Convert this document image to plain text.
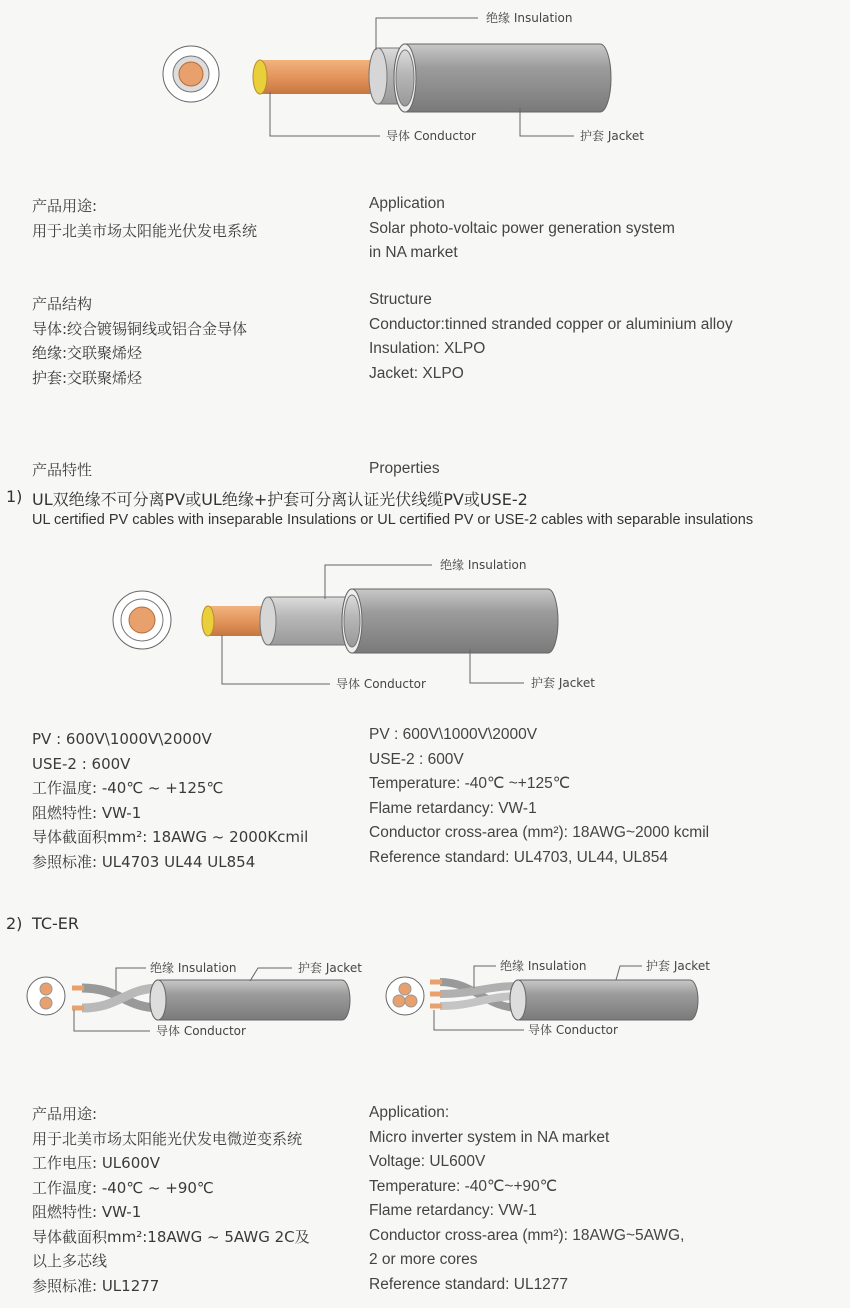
绝缘 Insulation
导体 Conductor	护套 Jacket
产品用途:
用于北美市场太阳能光伏发电系统
Application
Solar photo-voltaic power generation system
in NA market
产品结构
导体:绞合镀锡铜线或铝合金导体
绝缘:交联聚烯烃
护套:交联聚烯烃
Structure
Conductor:tinned stranded copper or aluminium alloy
Insulation: XLPO
Jacket: XLPO
产品特性	Properties
1) UL双绝缘不可分离PV或UL绝缘+护套可分离认证光伏线缆PV或USE-2
UL certified PV cables with inseparable Insulations or UL certified PV or USE-2 cables with separable insulations
绝缘 Insulation
导体 Conductor	护套 Jacket
PV : 600V\1000V\2000V
USE-2 : 600V
工作温度: -40℃ ~ +125℃
阻燃特性: VW-1
导体截面积mm²: 18AWG ~ 2000Kcmil
参照标准: UL4703 UL44 UL854
PV : 600V\1000V\2000V
USE-2 : 600V
Temperature: -40℃ ~+125℃
Flame retardancy: VW-1
Conductor cross-area (mm²): 18AWG~2000 kcmil
Reference standard: UL4703, UL44, UL854
2) TC-ER
绝缘 Insulation	护套 Jacket
导体 Conductor
绝缘 Insulation	护套 Jacket
导体 Conductor
产品用途:
用于北美市场太阳能光伏发电微逆变系统
工作电压: UL600V
工作温度: -40℃ ~ +90℃
阻燃特性: VW-1
导体截面积mm²:18AWG ~ 5AWG 2C及
以上多芯线
参照标准: UL1277
Application:
Micro inverter system in NA market
Voltage: UL600V
Temperature: -40℃~+90℃
Flame retardancy: VW-1
Conductor cross-area (mm²): 18AWG~5AWG,
2 or more cores
Reference standard: UL1277
